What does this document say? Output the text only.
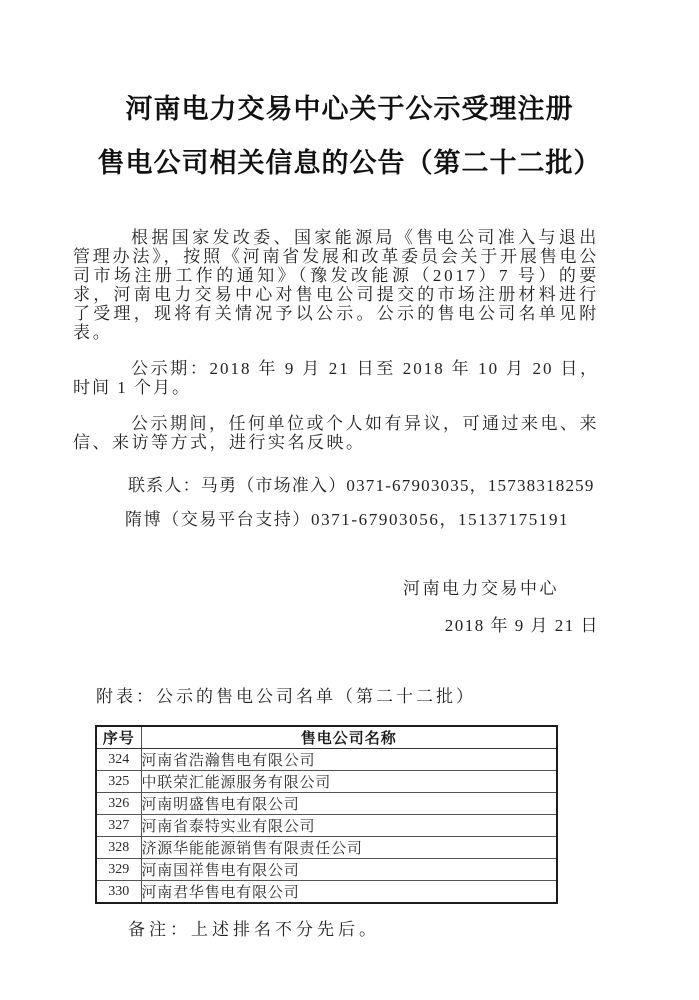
河南电力交易中心关于公示受理注册
售电公司相关信息的公告（第二十二批）

根据国家发改委、国家能源局《售电公司准入与退出管理办法》，按照《河南省发展和改革委员会关于开展售电公司市场注册工作的通知》（豫发改能源（2017）7 号）的要求，河南电力交易中心对售电公司提交的市场注册材料进行了受理，现将有关情况予以公示。公示的售电公司名单见附表。

公示期：2018 年 9 月 21 日至 2018 年 10 月 20 日，时间 1 个月。

公示期间，任何单位或个人如有异议，可通过来电、来信、来访等方式，进行实名反映。

联系人：马勇（市场准入）0371-67903035，15738318259

隋博（交易平台支持）0371-67903056，15137175191

河南电力交易中心
2018 年 9 月 21 日

附表：公示的售电公司名单（第二十二批）

序号	售电公司名称
324	河南省浩瀚售电有限公司
325	中联荣汇能源服务有限公司
326	河南明盛售电有限公司
327	河南省泰特实业有限公司
328	济源华能能源销售有限责任公司
329	河南国祥售电有限公司
330	河南君华售电有限公司

备注：上述排名不分先后。
